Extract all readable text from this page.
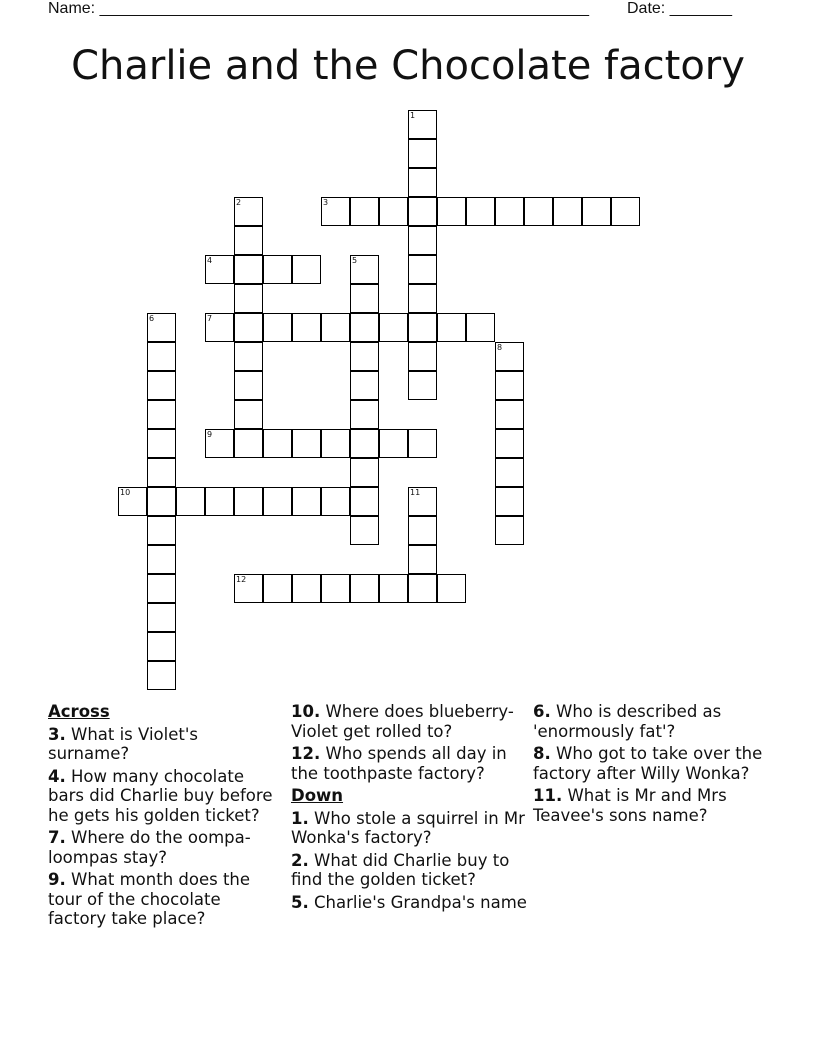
Name: _______________________________________________________ Date: _______
Charlie and the Chocolate factory
1
2	3
4	5
6	7
8
9
10	11
12
Across
3. What is Violet's surname?
4. How many chocolate bars did Charlie buy before he gets his golden ticket?
7. Where do the oompa-loompas stay?
9. What month does the tour of the chocolate factory take place?
10. Where does blueberry-Violet get rolled to?
12. Who spends all day in the toothpaste factory?
Down
1. Who stole a squirrel in Mr Wonka's factory?
2. What did Charlie buy to find the golden ticket?
5. Charlie's Grandpa's name
6. Who is described as 'enormously fat'?
8. Who got to take over the factory after Willy Wonka?
11. What is Mr and Mrs Teavee's sons name?
